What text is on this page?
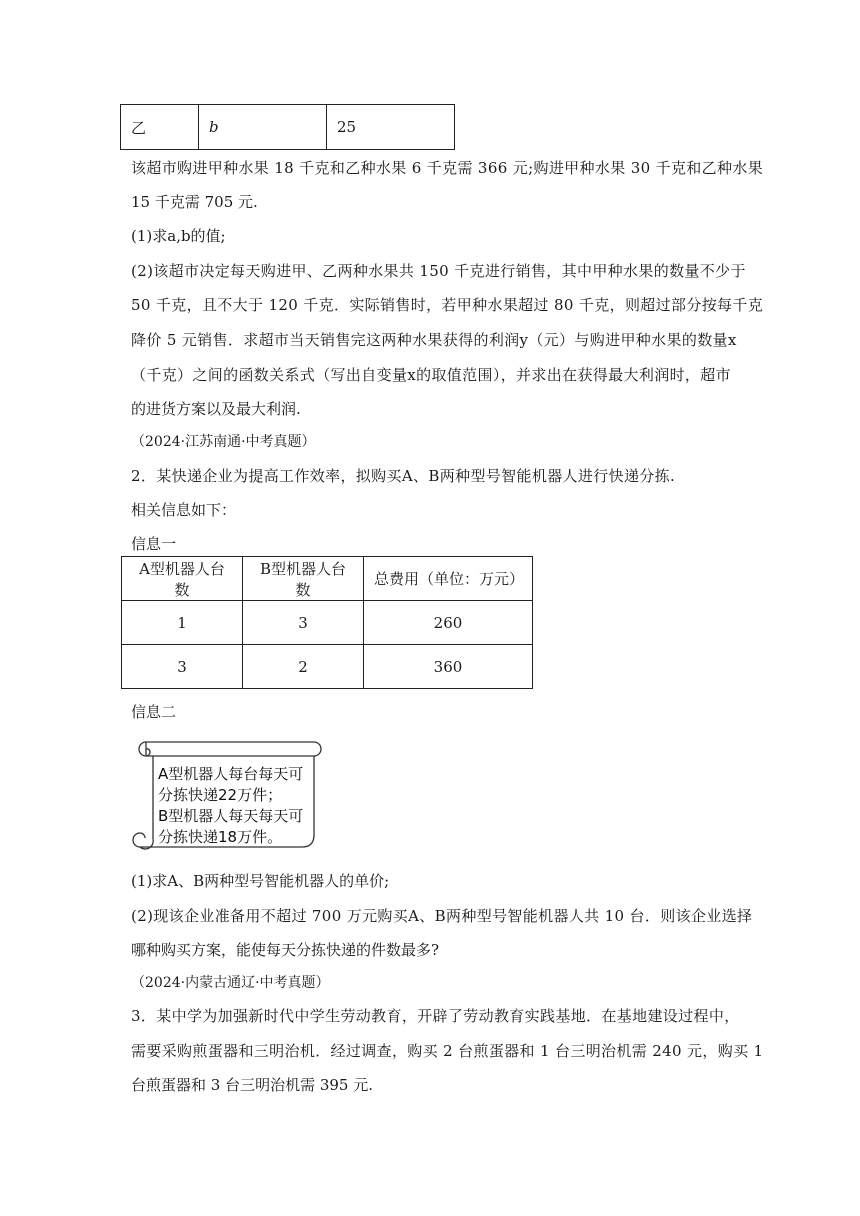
乙	b	25
该超市购进甲种水果 18 千克和乙种水果 6 千克需 366 元;购进甲种水果 30 千克和乙种水果
15 千克需 705 元.
(1)求a,b的值;
(2)该超市决定每天购进甲、乙两种水果共 150 千克进行销售，其中甲种水果的数量不少于
50 千克，且不大于 120 千克．实际销售时，若甲种水果超过 80 千克，则超过部分按每千克
降价 5 元销售．求超市当天销售完这两种水果获得的利润y（元）与购进甲种水果的数量x
（千克）之间的函数关系式（写出自变量x的取值范围），并求出在获得最大利润时，超市
的进货方案以及最大利润.
（2024·江苏南通·中考真题）
2．某快递企业为提高工作效率，拟购买A、B两种型号智能机器人进行快递分拣.
相关信息如下：
信息一
A型机器人台数	B型机器人台数	总费用（单位：万元）
1	3	260
3	2	360
信息二
A型机器人每台每天可
分拣快递22万件；
B型机器人每天每天可
分拣快递18万件。
(1)求A、B两种型号智能机器人的单价;
(2)现该企业准备用不超过 700 万元购买A、B两种型号智能机器人共 10 台．则该企业选择
哪种购买方案，能使每天分拣快递的件数最多?
（2024·内蒙古通辽·中考真题）
3．某中学为加强新时代中学生劳动教育，开辟了劳动教育实践基地．在基地建设过程中，
需要采购煎蛋器和三明治机．经过调查，购买 2 台煎蛋器和 1 台三明治机需 240 元，购买 1
台煎蛋器和 3 台三明治机需 395 元.
